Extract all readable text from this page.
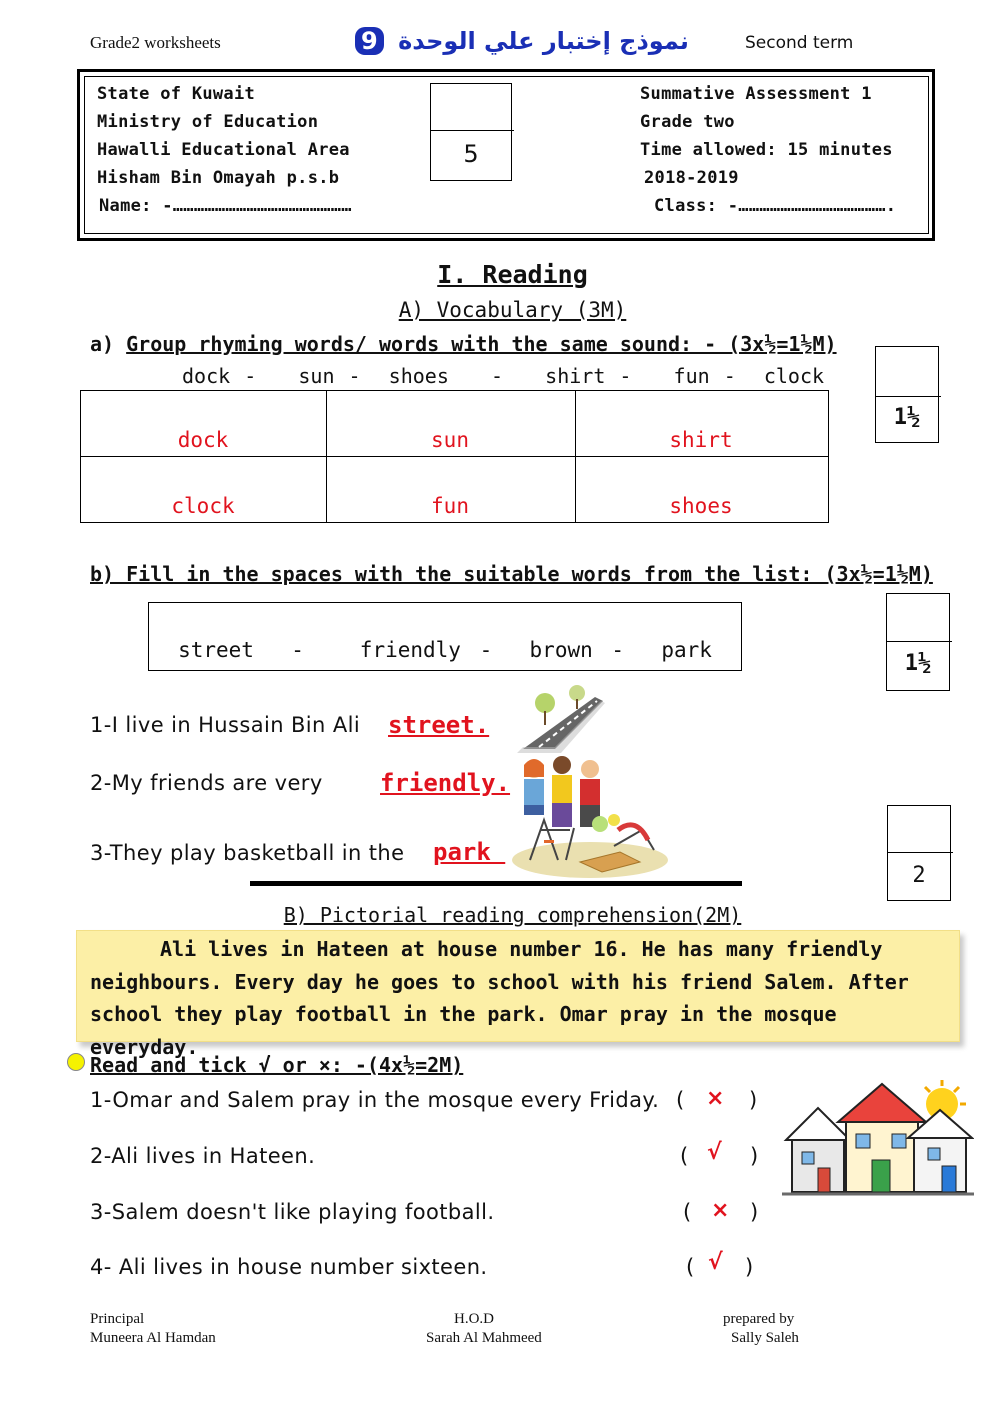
Grade2 worksheets	نموذج إختبار علي الوحدة 9	Second term
State of Kuwait
Ministry of Education
Hawalli Educational Area
Hisham Bin Omayah p.s.b
Name: -……………………………………………
Summative Assessment 1
Grade two
Time allowed: 15 minutes
2018-2019
Class: -…………………………………….
5
I. Reading
A) Vocabulary (3M)
a) Group rhyming words/ words with the same sound: - (3x½=1½M)
dock -   sun -  shoes   -   shirt -   fun -  clock
dock	sun	shirt
clock	fun	shoes
1½
b) Fill in the spaces with the suitable words from the list: (3x½=1½M)
street  -   friendly -  brown -  park
1½
1-I live in Hussain Bin Ali street.
2-My friends are very friendly.
3-They play basketball in the park
2
B) Pictorial reading comprehension(2M)
Ali lives in Hateen at house number 16. He has many friendly neighbours. Every day he goes to school with his friend Salem. After school they play football in the park. Omar pray in the mosque everyday.
Read and tick √ or ×: -(4x½=2M)
1-Omar and Salem pray in the mosque every Friday. ( × )
2-Ali lives in Hateen.	( √ )
3-Salem doesn't like playing football.	( × )
4- Ali lives in house number sixteen.	( √ )
Principal
Muneera Al Hamdan
H.O.D
Sarah Al Mahmeed
prepared by
Sally Saleh
